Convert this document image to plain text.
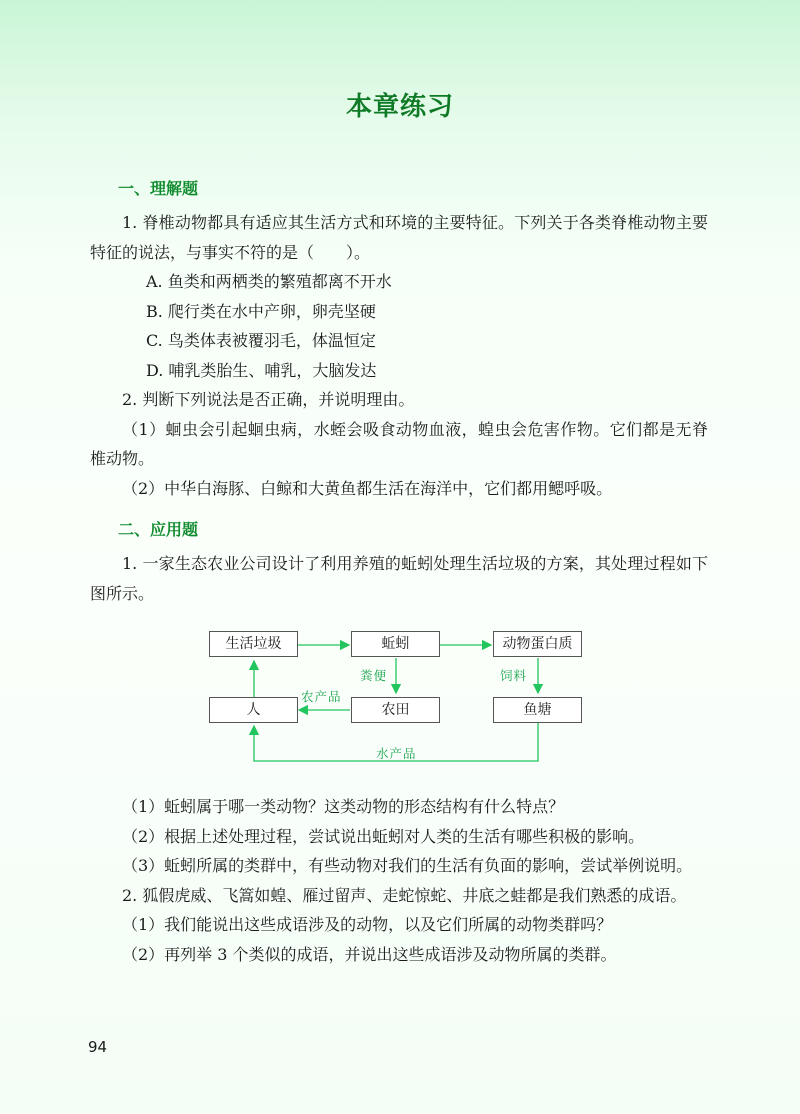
本章练习
一、理解题

1. 脊椎动物都具有适应其生活方式和环境的主要特征。下列关于各类脊椎动物主要特征的说法，与事实不符的是（　　）。

A. 鱼类和两栖类的繁殖都离不开水

B. 爬行类在水中产卵，卵壳坚硬

C. 鸟类体表被覆羽毛，体温恒定

D. 哺乳类胎生、哺乳，大脑发达

2. 判断下列说法是否正确，并说明理由。

（1）蛔虫会引起蛔虫病，水蛭会吸食动物血液，蝗虫会危害作物。它们都是无脊椎动物。

（2）中华白海豚、白鲸和大黄鱼都生活在海洋中，它们都用鳃呼吸。

二、应用题

1. 一家生态农业公司设计了利用养殖的蚯蚓处理生活垃圾的方案，其处理过程如下图所示。

生活垃圾	蚯蚓	动物蛋白质
人	农田	鱼塘
粪便	饲料
农产品
水产品

（1）蚯蚓属于哪一类动物？这类动物的形态结构有什么特点？

（2）根据上述处理过程，尝试说出蚯蚓对人类的生活有哪些积极的影响。

（3）蚯蚓所属的类群中，有些动物对我们的生活有负面的影响，尝试举例说明。

2. 狐假虎威、飞篙如蝗、雁过留声、走蛇惊蛇、井底之蛙都是我们熟悉的成语。

（1）我们能说出这些成语涉及的动物，以及它们所属的动物类群吗？

（2）再列举 3 个类似的成语，并说出这些成语涉及动物所属的类群。

94
